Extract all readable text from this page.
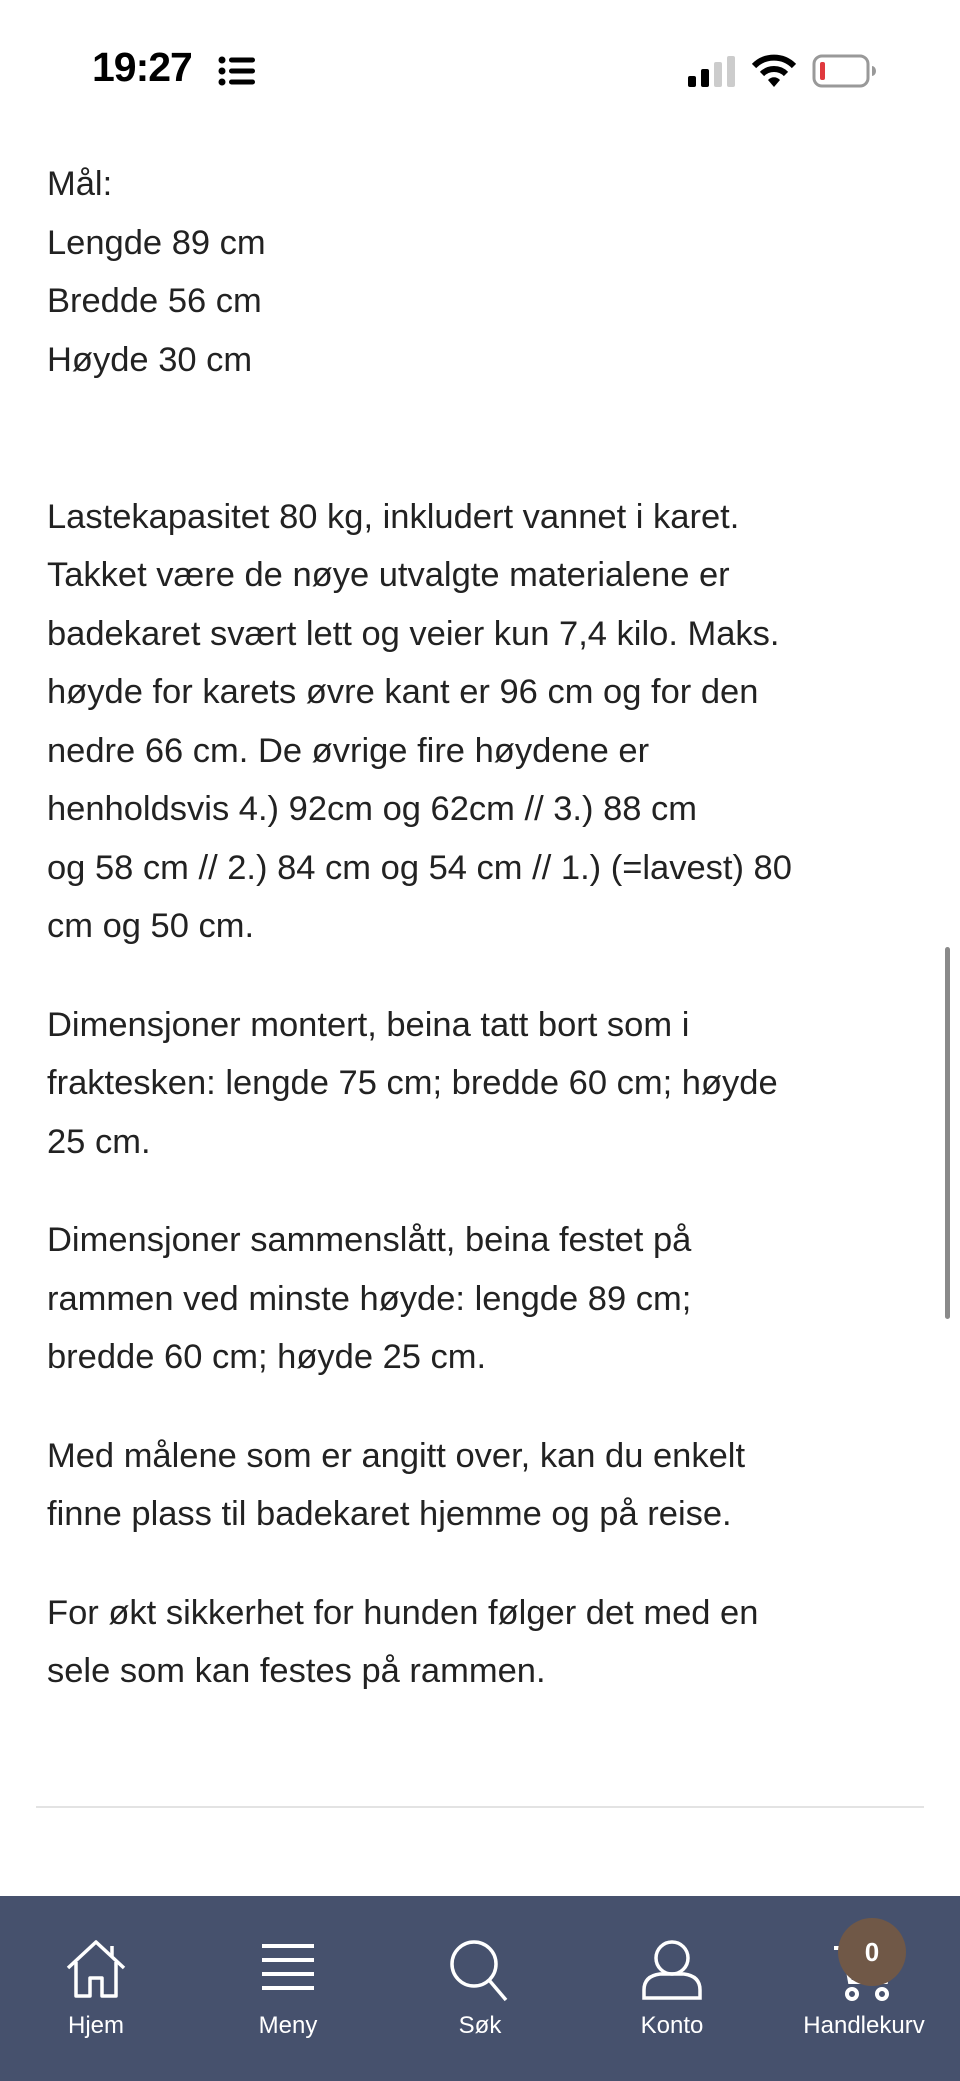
19:27
Mål:
Lengde 89 cm
Bredde 56 cm
Høyde 30 cm
Lastekapasitet 80 kg, inkludert vannet i karet.
Takket være de nøye utvalgte materialene er
badekaret svært lett og veier kun 7,4 kilo. Maks.
høyde for karets øvre kant er 96 cm og for den
nedre 66 cm. De øvrige fire høydene er
henholdsvis 4.) 92cm og 62cm // 3.) 88 cm
og 58 cm // 2.) 84 cm og 54 cm // 1.) (=lavest) 80
cm og 50 cm.
Dimensjoner montert, beina tatt bort som i
fraktesken: lengde 75 cm; bredde 60 cm; høyde
25 cm.
Dimensjoner sammenslått, beina festet på
rammen ved minste høyde: lengde 89 cm;
bredde 60 cm; høyde 25 cm.
Med målene som er angitt over, kan du enkelt
finne plass til badekaret hjemme og på reise.
For økt sikkerhet for hunden følger det med en
sele som kan festes på rammen.
Hjem	Meny	Søk	Konto
0
Handlekurv
